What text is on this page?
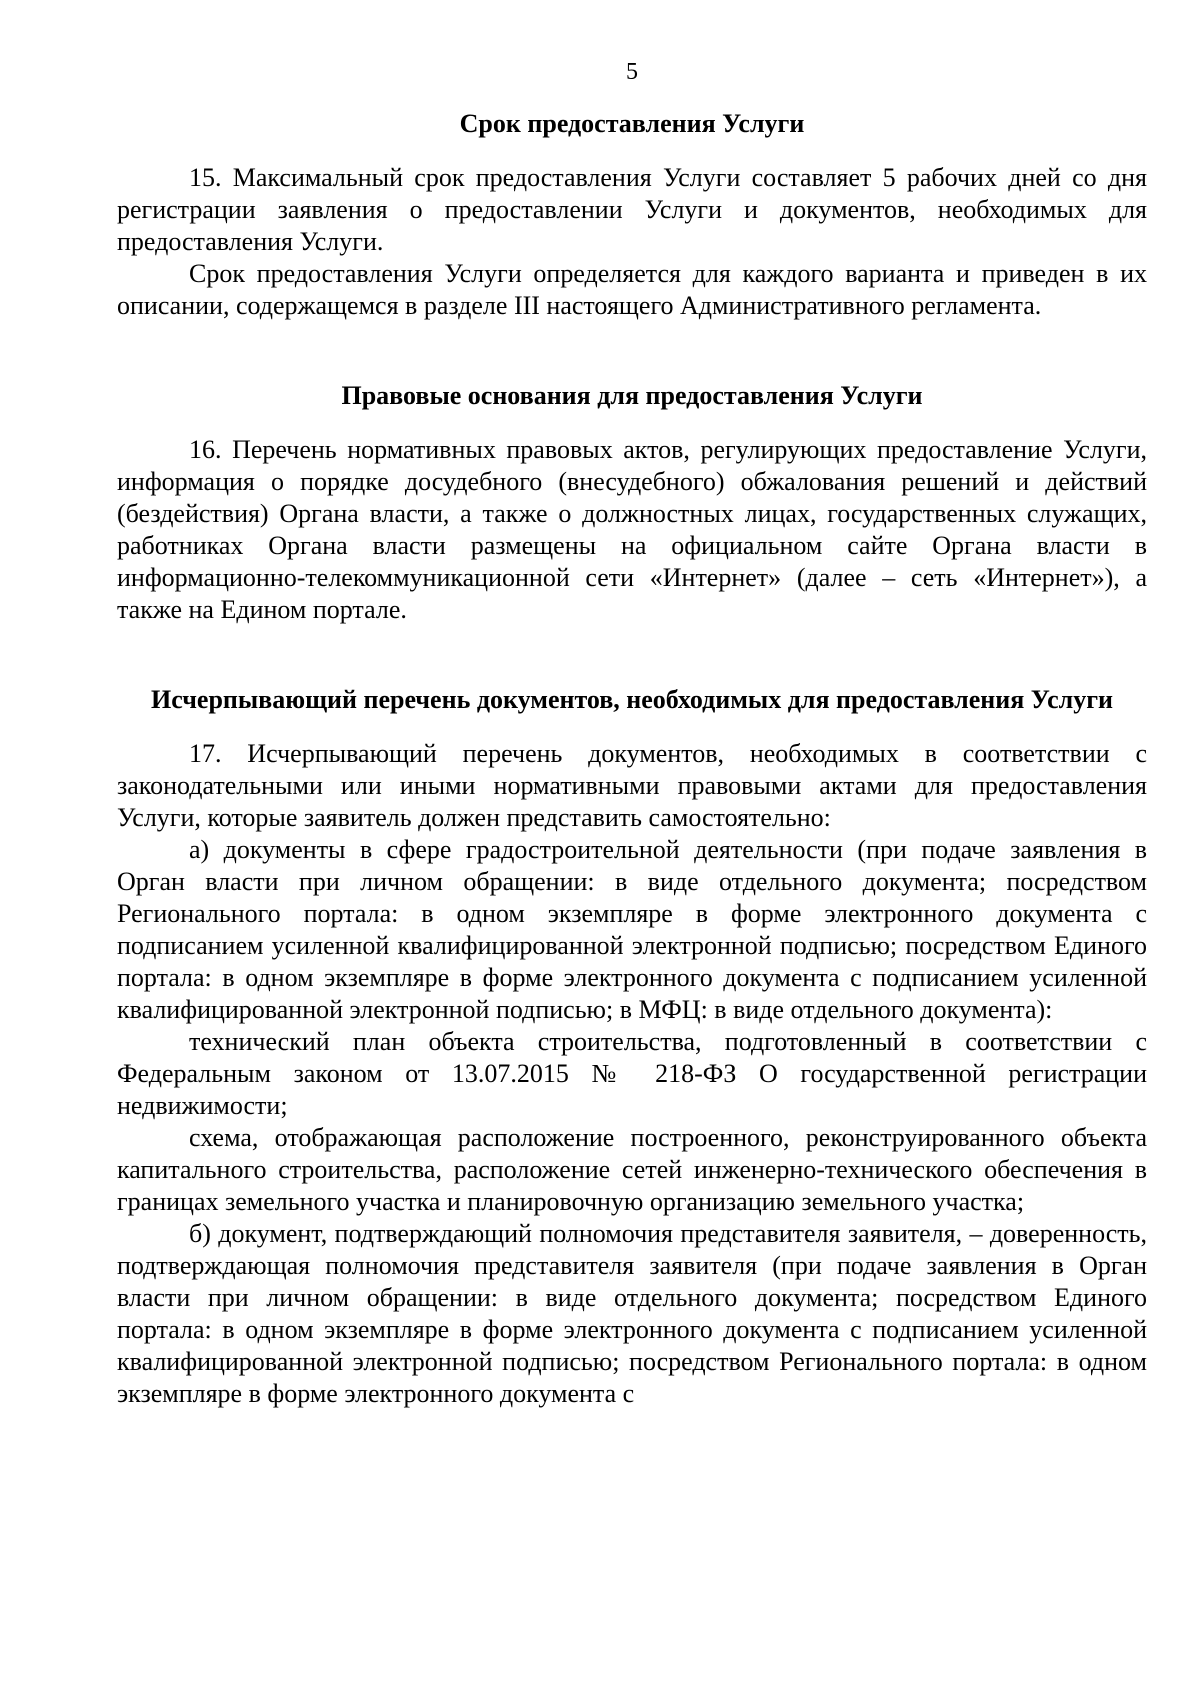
5
Срок предоставления Услуги

15. Максимальный срок предоставления Услуги составляет 5 рабочих дней со дня регистрации заявления о предоставлении Услуги и документов, необходимых для предоставления Услуги.

Срок предоставления Услуги определяется для каждого варианта и приведен в их описании, содержащемся в разделе III настоящего Административного регламента.

Правовые основания для предоставления Услуги

16. Перечень нормативных правовых актов, регулирующих предоставление Услуги, информация о порядке досудебного (внесудебного) обжалования решений и действий (бездействия) Органа власти, а также о должностных лицах, государственных служащих, работниках Органа власти размещены на официальном сайте Органа власти в информационно-телекоммуникационной сети «Интернет» (далее – сеть «Интернет»), а также на Едином портале.

Исчерпывающий перечень документов, необходимых для предоставления Услуги

17. Исчерпывающий перечень документов, необходимых в соответствии с законодательными или иными нормативными правовыми актами для предоставления Услуги, которые заявитель должен представить самостоятельно:

а) документы в сфере градостроительной деятельности (при подаче заявления в Орган власти при личном обращении: в виде отдельного документа; посредством Регионального портала: в одном экземпляре в форме электронного документа с подписанием усиленной квалифицированной электронной подписью; посредством Единого портала: в одном экземпляре в форме электронного документа с подписанием усиленной квалифицированной электронной подписью; в МФЦ: в виде отдельного документа):

технический план объекта строительства, подготовленный в соответствии с Федеральным законом от 13.07.2015 № 218-ФЗ О государственной регистрации недвижимости;

схема, отображающая расположение построенного, реконструированного объекта капитального строительства, расположение сетей инженерно-технического обеспечения в границах земельного участка и планировочную организацию земельного участка;

б) документ, подтверждающий полномочия представителя заявителя, – доверенность, подтверждающая полномочия представителя заявителя (при подаче заявления в Орган власти при личном обращении: в виде отдельного документа; посредством Единого портала: в одном экземпляре в форме электронного документа с подписанием усиленной квалифицированной электронной подписью; посредством Регионального портала: в одном экземпляре в форме электронного документа с
